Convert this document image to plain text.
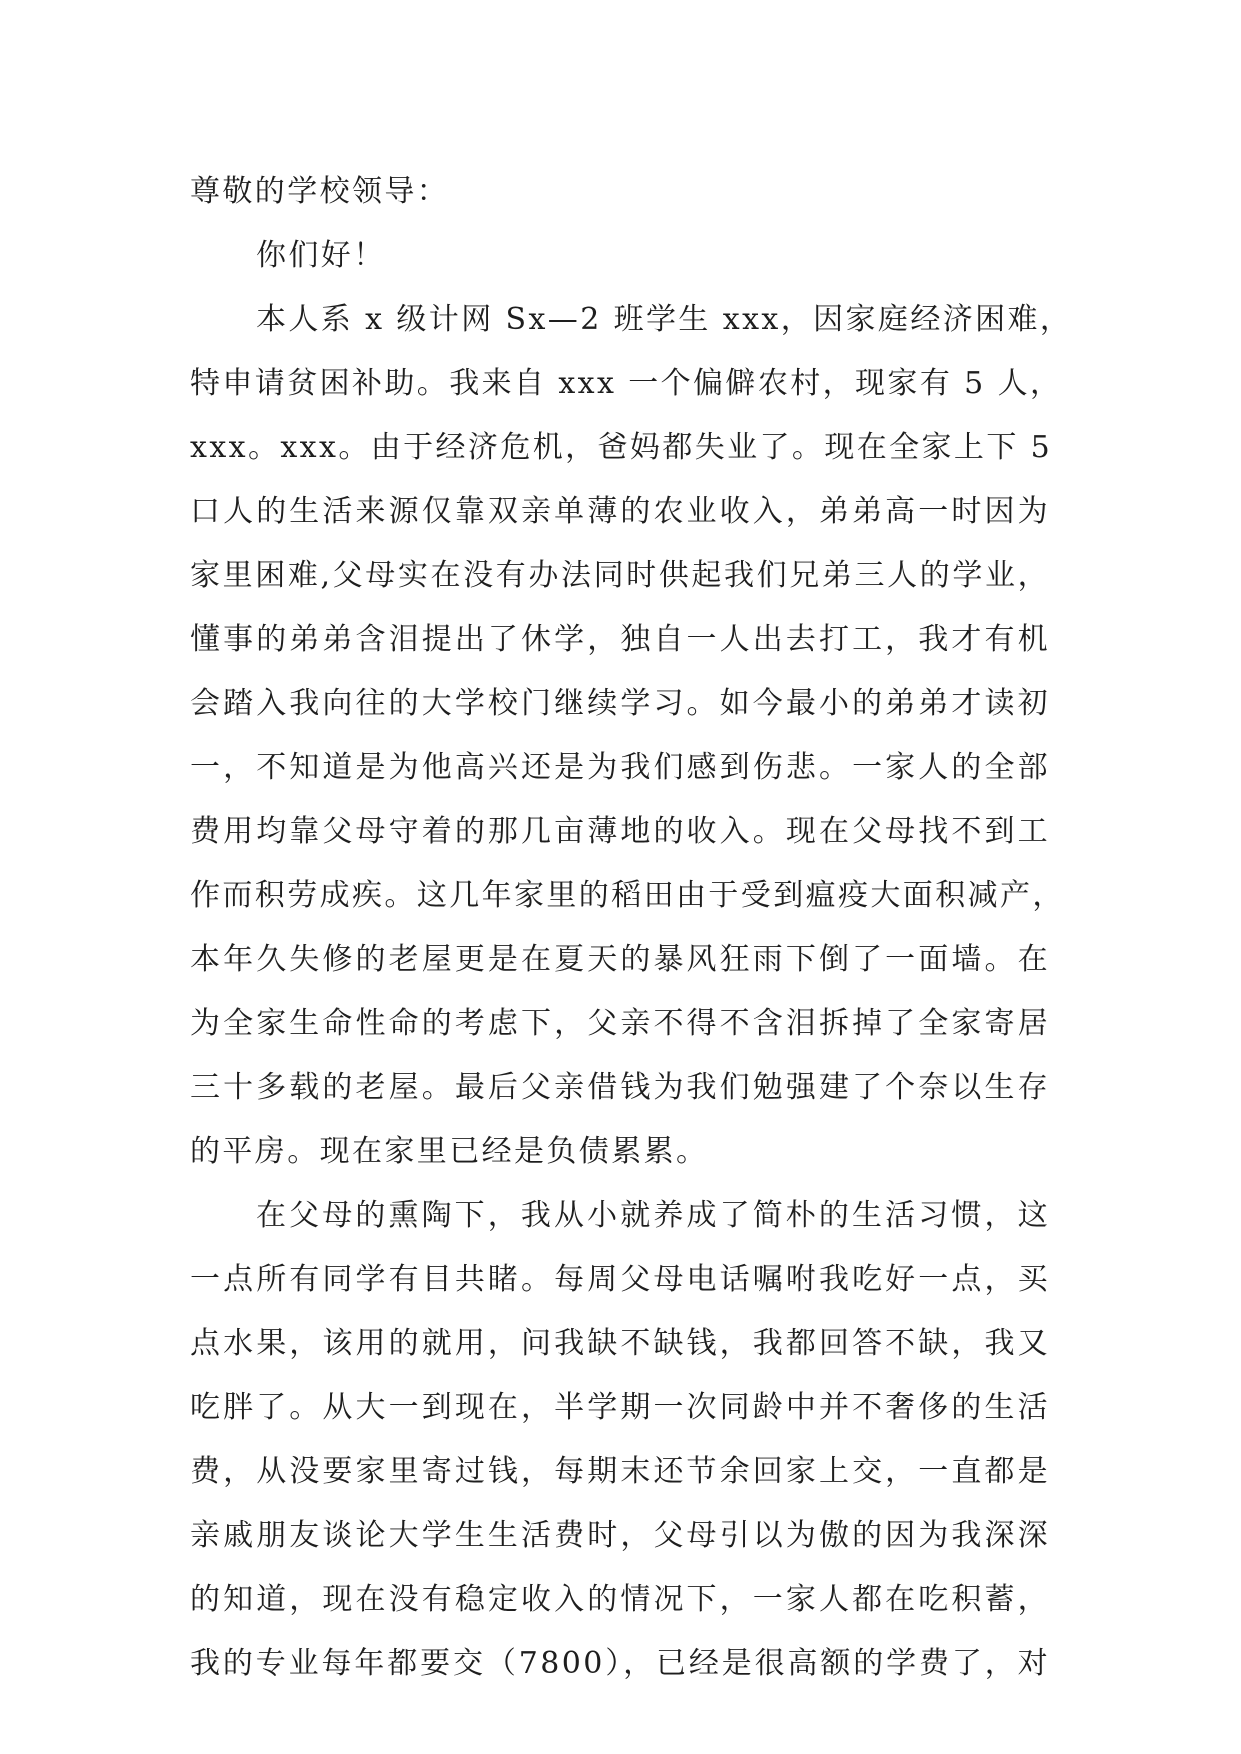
尊敬的学校领导：
你们好！
本人系 x 级计网 Sx—2 班学生 xxx，因家庭经济困难，
特申请贫困补助。我来自 xxx 一个偏僻农村，现家有 5 人，
xxx。xxx。由于经济危机，爸妈都失业了。现在全家上下 5
口人的生活来源仅靠双亲单薄的农业收入，弟弟高一时因为
家里困难,父母实在没有办法同时供起我们兄弟三人的学业，
懂事的弟弟含泪提出了休学，独自一人出去打工，我才有机
会踏入我向往的大学校门继续学习。如今最小的弟弟才读初
一，不知道是为他高兴还是为我们感到伤悲。一家人的全部
费用均靠父母守着的那几亩薄地的收入。现在父母找不到工
作而积劳成疾。这几年家里的稻田由于受到瘟疫大面积减产，
本年久失修的老屋更是在夏天的暴风狂雨下倒了一面墙。在
为全家生命性命的考虑下，父亲不得不含泪拆掉了全家寄居
三十多载的老屋。最后父亲借钱为我们勉强建了个奈以生存
的平房。现在家里已经是负债累累。
在父母的熏陶下，我从小就养成了简朴的生活习惯，这
一点所有同学有目共睹。每周父母电话嘱咐我吃好一点，买
点水果，该用的就用，问我缺不缺钱，我都回答不缺，我又
吃胖了。从大一到现在，半学期一次同龄中并不奢侈的生活
费，从没要家里寄过钱，每期末还节余回家上交，一直都是
亲戚朋友谈论大学生生活费时，父母引以为傲的因为我深深
的知道，现在没有稳定收入的情况下，一家人都在吃积蓄，
我的专业每年都要交（7800），已经是很高额的学费了，对
